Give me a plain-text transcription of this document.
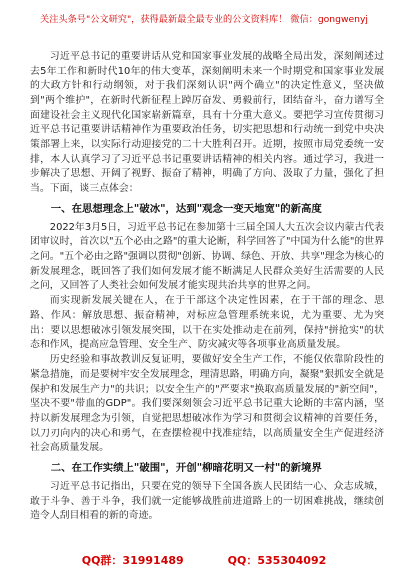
关注头条号"公文研究"，获得最新最全最专业的公文资料库！ 微信：gongwenyj

习近平总书记的重要讲话从党和国家事业发展的战略全局出发，深刻阐述过去5年工作和新时代10年的伟大变革，深刻阐明未来一个时期党和国家事业发展的大政方针和行动纲领，对于我们深刻认识"两个确立"的决定性意义，坚决做到"两个维护"，在新时代新征程上踔厉奋发、勇毅前行，团结奋斗，奋力谱写全面建设社会主义现代化国家崭新篇章，具有十分重大意义。要把学习宣传贯彻习近平总书记重要讲话精神作为重要政治任务，切实把思想和行动统一到党中央决策部署上来，以实际行动迎接党的二十大胜利召开。近期，按照市局党委统一安排，本人认真学习了习近平总书记重要讲话精神的相关内容。通过学习，我进一步解决了思想、开阔了视野、振奋了精神，明确了方向、汲取了力量，强化了担当。下面，谈三点体会：

一、在思想理念上"破冰"，达到"观念一变天地宽"的新高度

2022年3月5日，习近平总书记在参加第十三届全国人大五次会议内蒙古代表团审议时，首次以"五个必由之路"的重大论断，科学回答了"中国为什么能"的世界之问。"五个必由之路"强调以贯彻"创新、协调、绿色、开放、共享"理念为核心的新发展理念，既回答了我们如何发展才能不断满足人民群众美好生活需要的人民之问，又回答了人类社会如何发展才能实现共治共享的世界之问。

而实现新发展关键在人，在于干部这个决定性因素，在于干部的理念、思路、作风：解放思想、振奋精神，对标应急管理系统来说，尤为重要、尤为突出：要以思想破冰引领发展突围，以干在实处推动走在前列，保持"拼抢实"的状态和作风，提高应急管理、安全生产、防灾减灾等各项事业高质量发展。

历史经验和事故教训反复证明，要做好安全生产工作，不能仅依靠阶段性的紧急措施，而是要树牢安全发展理念，理清思路，明确方向，凝聚"狠抓安全就是保护和发展生产力"的共识；以安全生产的"严要求"换取高质量发展的"新空间"，坚决不要"带血的GDP"。我们要深刻领会习近平总书记重大论断的丰富内涵，坚持以新发展理念为引领，自觉把思想破冰作为学习和贯彻会议精神的首要任务，以刀刃向内的决心和勇气，在查摆检视中找准症结，以高质量安全生产促进经济社会高质量发展。

二、在工作实绩上"破围"，开创"柳暗花明又一村"的新境界

习近平总书记指出，只要在党的领导下全国各族人民团结一心、众志成城，敢于斗争、善于斗争，我们就一定能够战胜前进道路上的一切困难挑战，继续创造令人刮目相看的新的奇迹。

QQ群：31991489	QQ：535304092
